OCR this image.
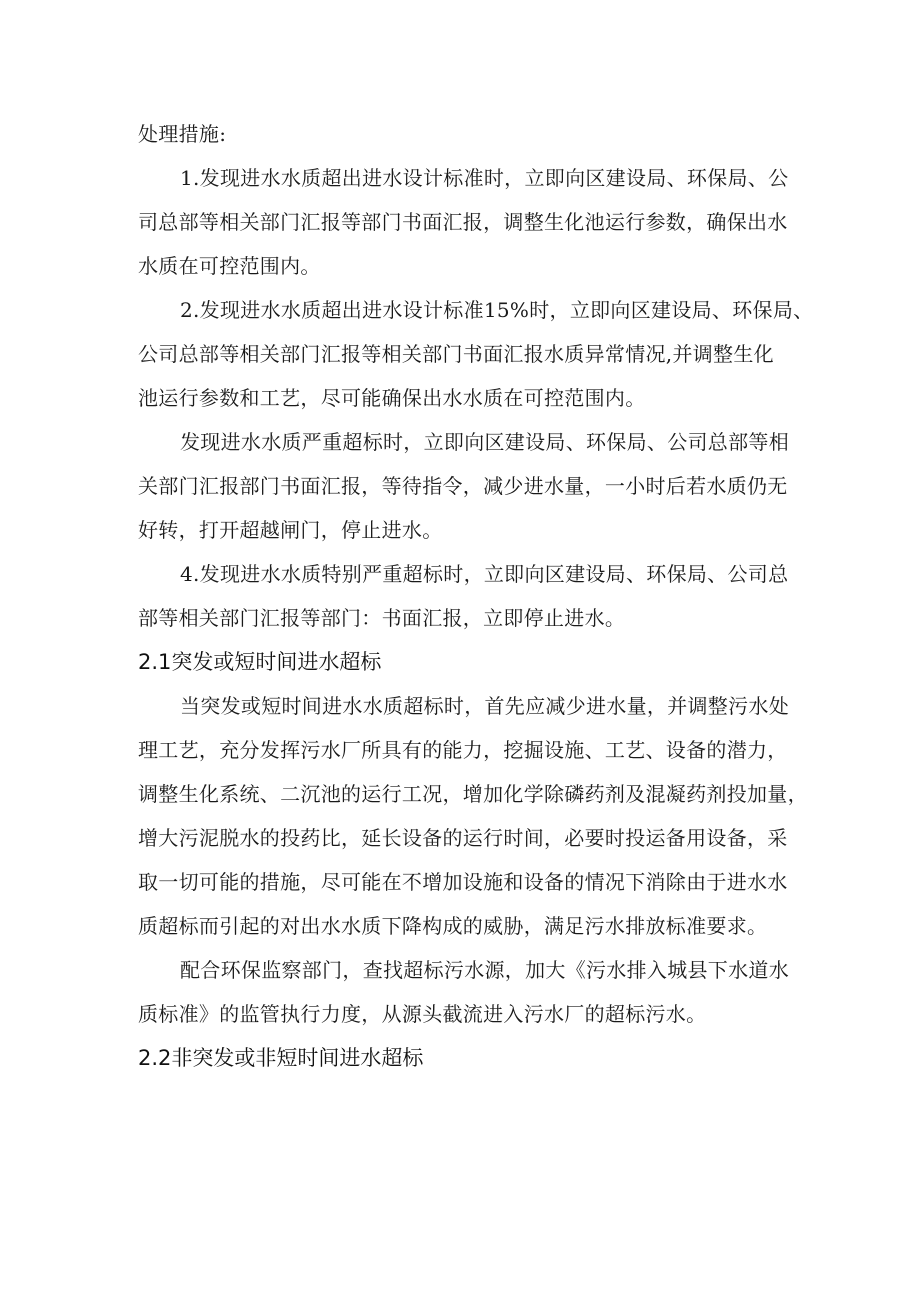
处理措施:
1.发现进水水质超出进水设计标准时，立即向区建设局、环保局、公
司总部等相关部门汇报等部门书面汇报，调整生化池运行参数，确保出水
水质在可控范围内。
2.发现进水水质超出进水设计标准15%时，立即向区建设局、环保局、
公司总部等相关部门汇报等相关部门书面汇报水质异常情况,并调整生化
池运行参数和工艺，尽可能确保出水水质在可控范围内。
发现进水水质严重超标时，立即向区建设局、环保局、公司总部等相
关部门汇报部门书面汇报，等待指令，减少进水量，一小时后若水质仍无
好转，打开超越闸门，停止进水。
4.发现进水水质特别严重超标时，立即向区建设局、环保局、公司总
部等相关部门汇报等部门：书面汇报，立即停止进水。
2.1突发或短时间进水超标
当突发或短时间进水水质超标时，首先应减少进水量，并调整污水处
理工艺，充分发挥污水厂所具有的能力，挖掘设施、工艺、设备的潜力，
调整生化系统、二沉池的运行工况，增加化学除磷药剂及混凝药剂投加量，
增大污泥脱水的投药比，延长设备的运行时间，必要时投运备用设备，采
取一切可能的措施，尽可能在不增加设施和设备的情况下消除由于进水水
质超标而引起的对出水水质下降构成的威胁，满足污水排放标准要求。
配合环保监察部门，查找超标污水源，加大《污水排入城县下水道水
质标准》的监管执行力度，从源头截流进入污水厂的超标污水。
2.2非突发或非短时间进水超标
